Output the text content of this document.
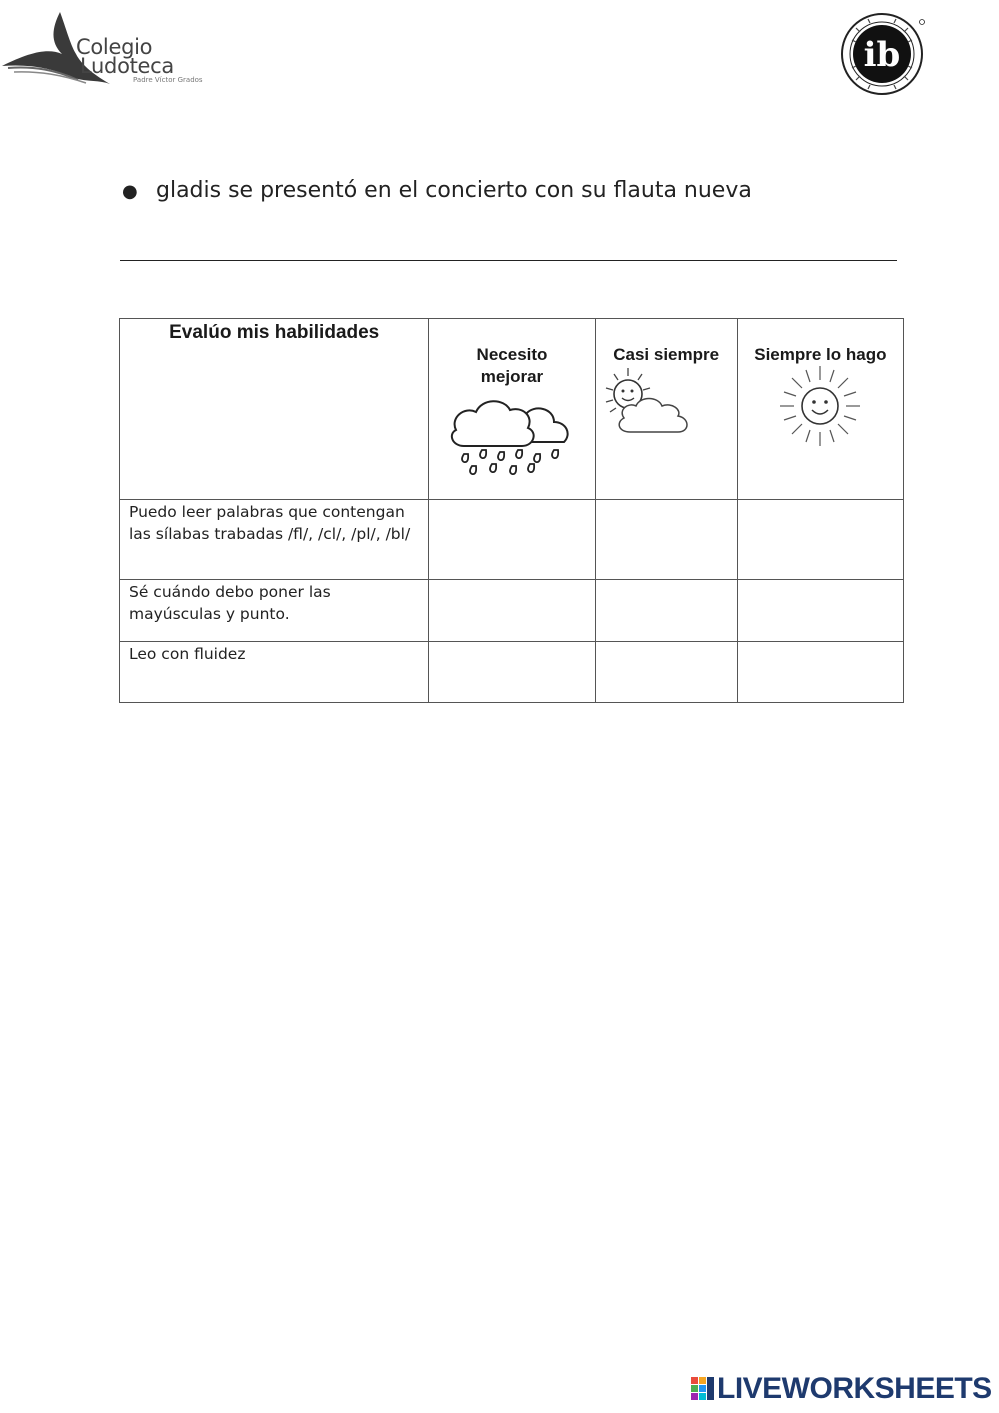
Colegio
Ludoteca
Padre Víctor Grados
ib
● gladis se presentó en el concierto con su flauta nueva
Evalúo mis habilidades	Necesito mejorar	Casi siempre	Siempre lo hago

Puedo leer palabras que contengan las sílabas trabadas /fl/, /cl/, /pl/, /bl/			

Sé cuándo debo poner las mayúsculas y punto.			

Leo con fluidez			

LIVEWORKSHEETS
